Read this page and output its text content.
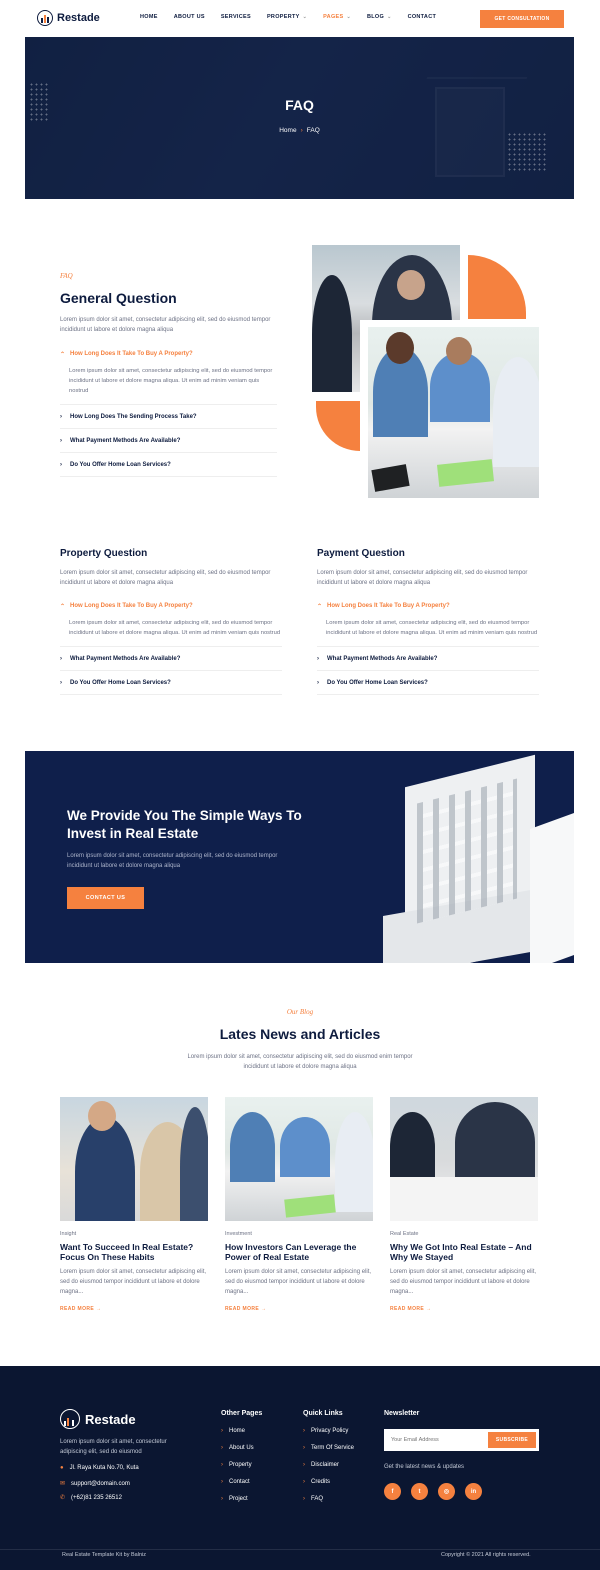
Restade	HOME	ABOUT US	SERVICES	PROPERTY ⌄	PAGES ⌄	BLOG ⌄	CONTACT	GET CONSULTATION
FAQ
Home › FAQ
FAQ
General Question
Lorem ipsum dolor sit amet, consectetur adipiscing elit, sed do eiusmod tempor incididunt ut labore et dolore magna aliqua
⌃ How Long Does It Take To Buy A Property?
Lorem ipsum dolor sit amet, consectetur adipiscing elit, sed do eiusmod tempor incididunt ut labore et dolore magna aliqua. Ut enim ad minim veniam quis nostrud
›	How Long Does The Sending Process Take?
›	What Payment Methods Are Available?
›	Do You Offer Home Loan Services?
Property Question
Lorem ipsum dolor sit amet, consectetur adipiscing elit, sed do eiusmod tempor incididunt ut labore et dolore magna aliqua
⌃ How Long Does It Take To Buy A Property?
Lorem ipsum dolor sit amet, consectetur adipiscing elit, sed do eiusmod tempor incididunt ut labore et dolore magna aliqua. Ut enim ad minim veniam quis nostrud
›	What Payment Methods Are Available?
›	Do You Offer Home Loan Services?
Payment Question
Lorem ipsum dolor sit amet, consectetur adipiscing elit, sed do eiusmod tempor incididunt ut labore et dolore magna aliqua
⌃ How Long Does It Take To Buy A Property?
Lorem ipsum dolor sit amet, consectetur adipiscing elit, sed do eiusmod tempor incididunt ut labore et dolore magna aliqua. Ut enim ad minim veniam quis nostrud
›	What Payment Methods Are Available?
›	Do You Offer Home Loan Services?
We Provide You The Simple Ways To Invest in Real Estate

Lorem ipsum dolor sit amet, consectetur adipiscing elit, sed do eiusmod tempor incididunt ut labore et dolore magna aliqua

CONTACT US
Our Blog
Lates News and Articles
Lorem ipsum dolor sit amet, consectetur adipiscing elit, sed do eiusmod enim tempor incididunt ut labore et dolore magna aliqua
Insight
Want To Succeed In Real Estate? Focus On These Habits
Lorem ipsum dolor sit amet, consectetur adipiscing elit, sed do eiusmod tempor incididunt ut labore et dolore magna...
READ MORE →
Investment
How Investors Can Leverage the Power of Real Estate
Lorem ipsum dolor sit amet, consectetur adipiscing elit, sed do eiusmod tempor incididunt ut labore et dolore magna...
READ MORE →
Real Estate
Why We Got Into Real Estate – And Why We Stayed
Lorem ipsum dolor sit amet, consectetur adipiscing elit, sed do eiusmod tempor incididunt ut labore et dolore magna...
READ MORE →
Restade
Lorem ipsum dolor sit amet, consectetur adipiscing elit, sed do eiusmod
● Jl. Raya Kuta No.70, Kuta
✉ support@domain.com
✆ (+62)81 235 26512
Other Pages
› Home
› About Us
› Property
› Contact
› Project
Quick Links
› Privacy Policy
› Term Of Service
› Disclaimer
› Credits
› FAQ
Newsletter
Your Email Address
SUBSCRIBE
Get the latest news & updates
Real Estate Template Kit by Balniz	Copyright © 2021 All rights reserved.
f	t	◎	in
